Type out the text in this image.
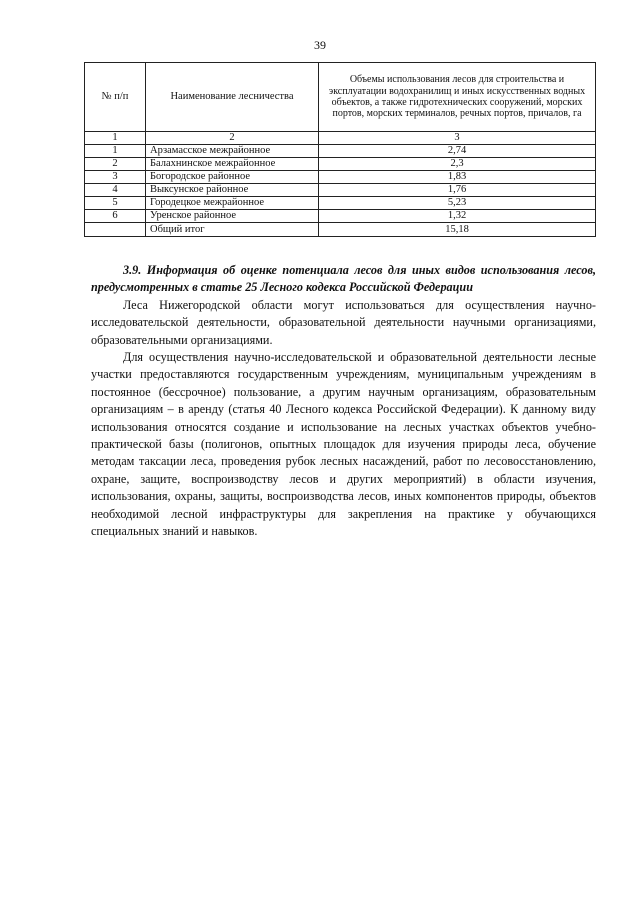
39
№ п/п	Наименование лесничества	Объемы использования лесов для строительства и эксплуатации водохранилищ и иных искусственных водных объектов, а также гидротехнических сооружений, морских портов, морских терминалов, речных портов, причалов, га
1	2	3
1	Арзамасское межрайонное	2,74
2	Балахнинское межрайонное	2,3
3	Богородское районное	1,83
4	Выксунское районное	1,76
5	Городецкое межрайонное	5,23
6	Уренское районное	1,32
	Общий итог	15,18

3.9. Информация об оценке потенциала лесов для иных видов использования лесов, предусмотренных в статье 25 Лесного кодекса Российской Федерации

Леса Нижегородской области могут использоваться для осуществления научно-исследовательской деятельности, образовательной деятельности научными организациями, образовательными организациями.

Для осуществления научно-исследовательской и образовательной деятельности лесные участки предоставляются государственным учреждениям, муниципальным учреждениям в постоянное (бессрочное) пользование, а другим научным организациям, образовательным организациям – в аренду (статья 40 Лесного кодекса Российской Федерации). К данному виду использования относятся создание и использование на лесных участках объектов учебно-практической базы (полигонов, опытных площадок для изучения природы леса, обучение методам таксации леса, проведения рубок лесных насаждений, работ по лесовосстановлению, охране, защите, воспроизводству лесов и других мероприятий) в области изучения, использования, охраны, защиты, воспроизводства лесов, иных компонентов природы, объектов необходимой лесной инфраструктуры для закрепления на практике у обучающихся специальных знаний и навыков.
